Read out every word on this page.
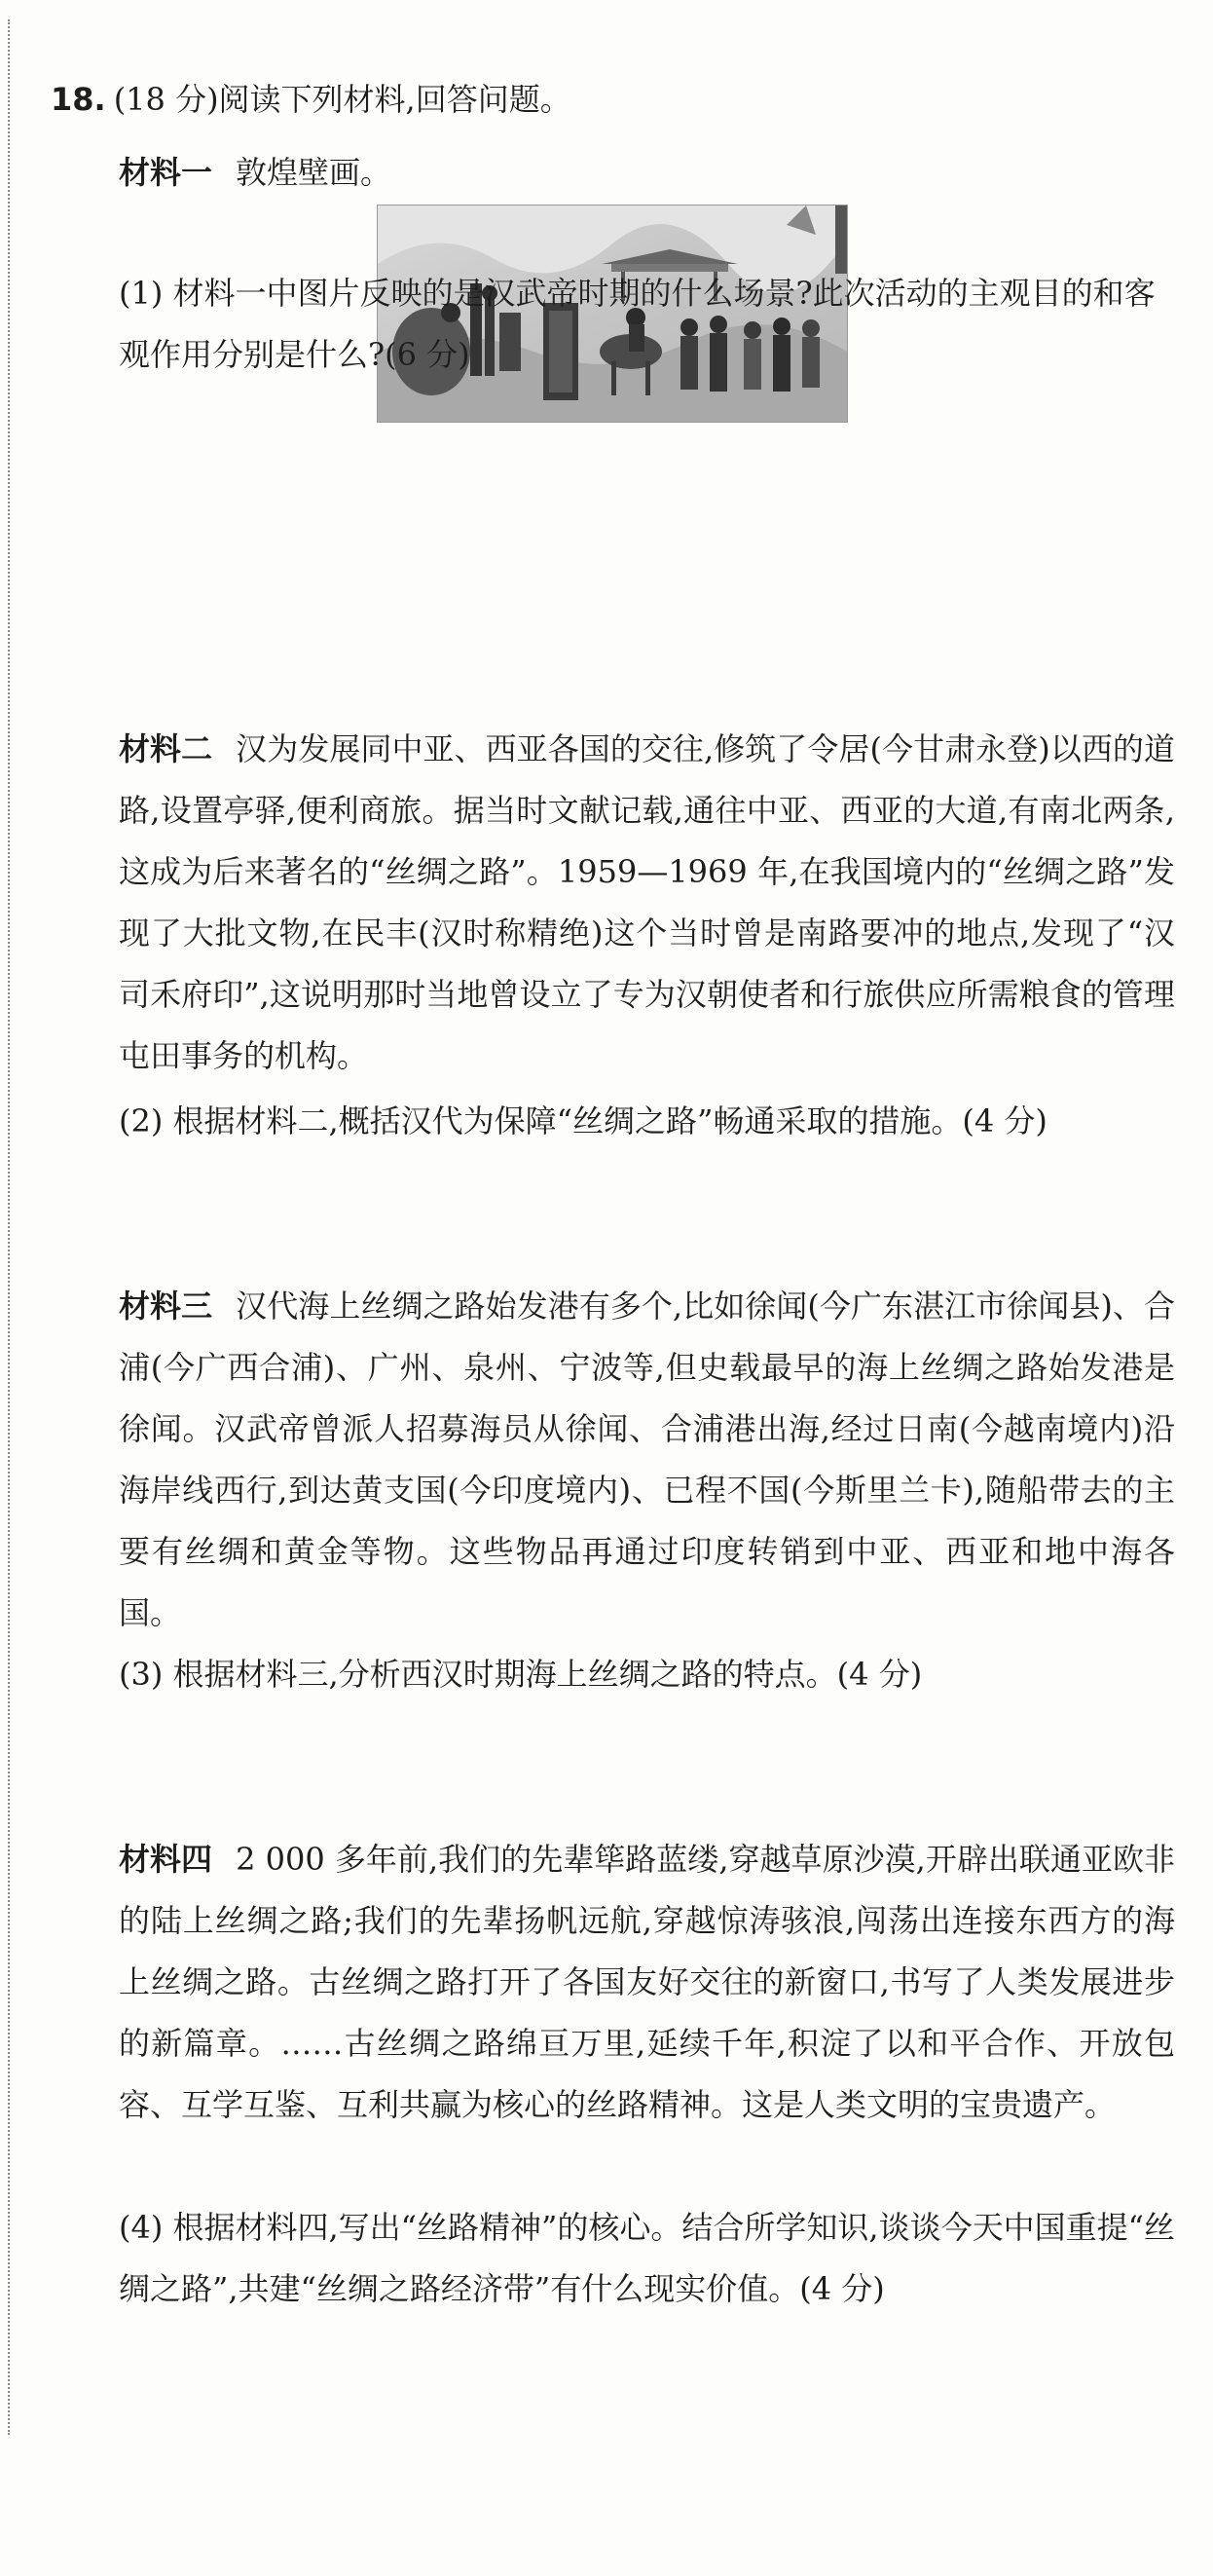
18. (18 分)阅读下列材料,回答问题。
材料一 敦煌壁画。
(1) 材料一中图片反映的是汉武帝时期的什么场景?此次活动的主观目的和客观作用分别是什么?(6 分)
材料二 汉为发展同中亚、西亚各国的交往,修筑了令居(今甘肃永登)以西的道路,设置亭驿,便利商旅。据当时文献记载,通往中亚、西亚的大道,有南北两条,这成为后来著名的“丝绸之路”。1959—1969 年,在我国境内的“丝绸之路”发现了大批文物,在民丰(汉时称精绝)这个当时曾是南路要冲的地点,发现了“汉司禾府印”,这说明那时当地曾设立了专为汉朝使者和行旅供应所需粮食的管理屯田事务的机构。
(2) 根据材料二,概括汉代为保障“丝绸之路”畅通采取的措施。(4 分)
材料三 汉代海上丝绸之路始发港有多个,比如徐闻(今广东湛江市徐闻县)、合浦(今广西合浦)、广州、泉州、宁波等,但史载最早的海上丝绸之路始发港是徐闻。汉武帝曾派人招募海员从徐闻、合浦港出海,经过日南(今越南境内)沿海岸线西行,到达黄支国(今印度境内)、已程不国(今斯里兰卡),随船带去的主要有丝绸和黄金等物。这些物品再通过印度转销到中亚、西亚和地中海各国。
(3) 根据材料三,分析西汉时期海上丝绸之路的特点。(4 分)
材料四 2 000 多年前,我们的先辈筚路蓝缕,穿越草原沙漠,开辟出联通亚欧非的陆上丝绸之路;我们的先辈扬帆远航,穿越惊涛骇浪,闯荡出连接东西方的海上丝绸之路。古丝绸之路打开了各国友好交往的新窗口,书写了人类发展进步的新篇章。……古丝绸之路绵亘万里,延续千年,积淀了以和平合作、开放包容、互学互鉴、互利共赢为核心的丝路精神。这是人类文明的宝贵遗产。
(4) 根据材料四,写出“丝路精神”的核心。结合所学知识,谈谈今天中国重提“丝绸之路”,共建“丝绸之路经济带”有什么现实价值。(4 分)
